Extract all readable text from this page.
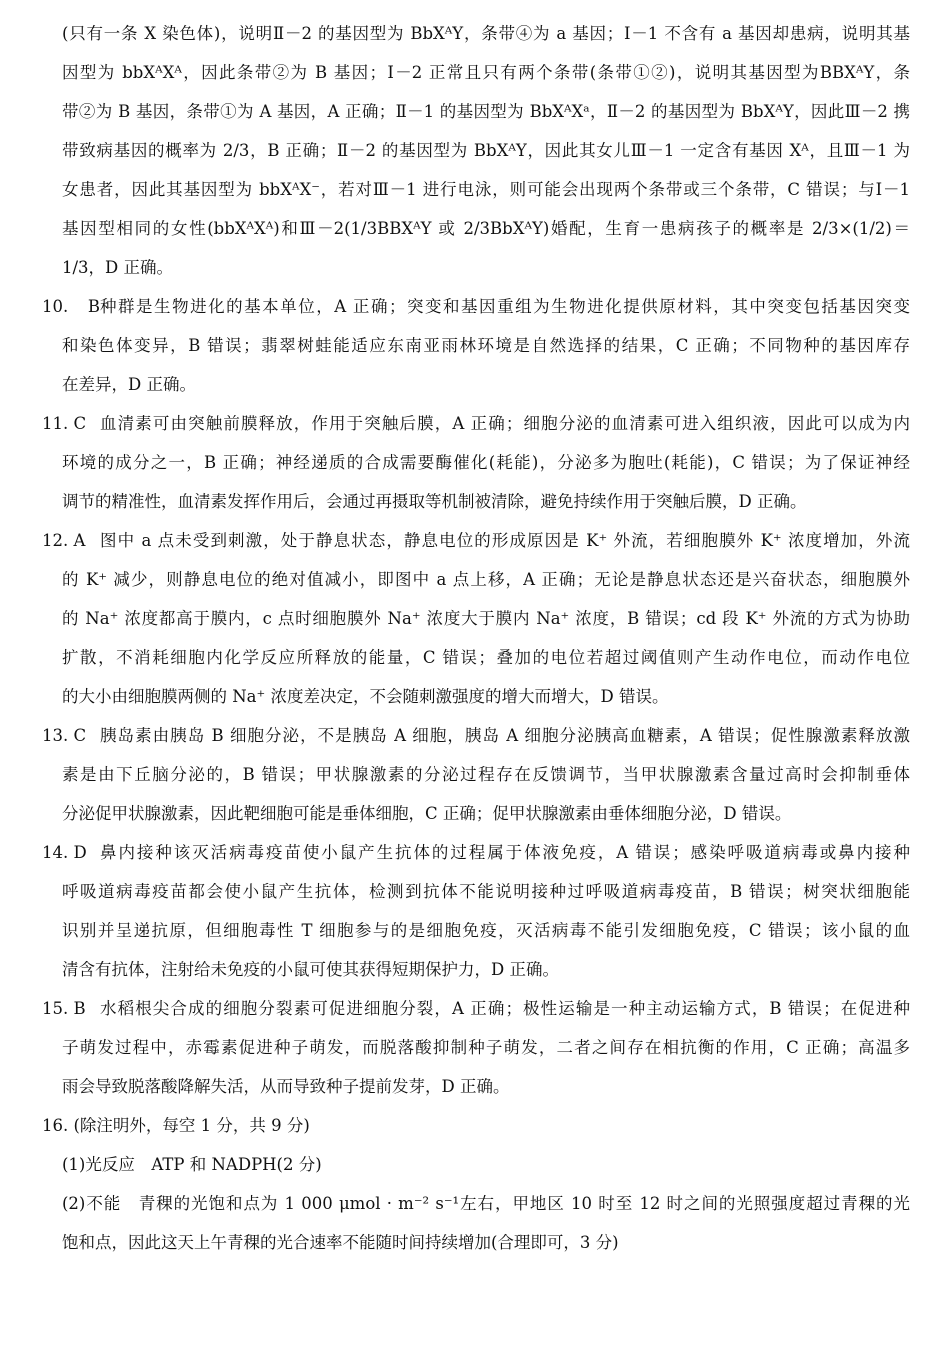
(只有一条 X 染色体)，说明Ⅱ－2 的基因型为 BbXᴬY，条带④为 a 基因；Ⅰ－1 不含有 a 基因却患病，说明其基
因型为 bbXᴬXᴬ，因此条带②为 B 基因；Ⅰ－2 正常且只有两个条带(条带①②)，说明其基因型为BBXᴬY，条
带②为 B 基因，条带①为 A 基因，A 正确；Ⅱ－1 的基因型为 BbXᴬXᵃ，Ⅱ－2 的基因型为 BbXᴬY，因此Ⅲ－2 携
带致病基因的概率为 2/3，B 正确；Ⅱ－2 的基因型为 BbXᴬY，因此其女儿Ⅲ－1 一定含有基因 Xᴬ，且Ⅲ－1 为
女患者，因此其基因型为 bbXᴬX⁻，若对Ⅲ－1 进行电泳，则可能会出现两个条带或三个条带，C 错误；与Ⅰ－1
基因型相同的女性(bbXᴬXᴬ)和Ⅲ－2(1/3BBXᴬY 或 2/3BbXᴬY)婚配，生育一患病孩子的概率是 2/3×(1/2)＝
1/3，D 正确。
10. B种群是生物进化的基本单位，A 正确；突变和基因重组为生物进化提供原材料，其中突变包括基因突变
和染色体变异，B 错误；翡翠树蛙能适应东南亚雨林环境是自然选择的结果，C 正确；不同物种的基因库存
在差异，D 正确。
11. C 血清素可由突触前膜释放，作用于突触后膜，A 正确；细胞分泌的血清素可进入组织液，因此可以成为内
环境的成分之一，B 正确；神经递质的合成需要酶催化(耗能)，分泌多为胞吐(耗能)，C 错误；为了保证神经
调节的精准性，血清素发挥作用后，会通过再摄取等机制被清除，避免持续作用于突触后膜，D 正确。
12. A 图中 a 点未受到刺激，处于静息状态，静息电位的形成原因是 K⁺ 外流，若细胞膜外 K⁺ 浓度增加，外流
的 K⁺ 减少，则静息电位的绝对值减小，即图中 a 点上移，A 正确；无论是静息状态还是兴奋状态，细胞膜外
的 Na⁺ 浓度都高于膜内，c 点时细胞膜外 Na⁺ 浓度大于膜内 Na⁺ 浓度，B 错误；cd 段 K⁺ 外流的方式为协助
扩散，不消耗细胞内化学反应所释放的能量，C 错误；叠加的电位若超过阈值则产生动作电位，而动作电位
的大小由细胞膜两侧的 Na⁺ 浓度差决定，不会随刺激强度的增大而增大，D 错误。
13. C 胰岛素由胰岛 B 细胞分泌，不是胰岛 A 细胞，胰岛 A 细胞分泌胰高血糖素，A 错误；促性腺激素释放激
素是由下丘脑分泌的，B 错误；甲状腺激素的分泌过程存在反馈调节，当甲状腺激素含量过高时会抑制垂体
分泌促甲状腺激素，因此靶细胞可能是垂体细胞，C 正确；促甲状腺激素由垂体细胞分泌，D 错误。
14. D 鼻内接种该灭活病毒疫苗使小鼠产生抗体的过程属于体液免疫，A 错误；感染呼吸道病毒或鼻内接种
呼吸道病毒疫苗都会使小鼠产生抗体，检测到抗体不能说明接种过呼吸道病毒疫苗，B 错误；树突状细胞能
识别并呈递抗原，但细胞毒性 T 细胞参与的是细胞免疫，灭活病毒不能引发细胞免疫，C 错误；该小鼠的血
清含有抗体，注射给未免疫的小鼠可使其获得短期保护力，D 正确。
15. B 水稻根尖合成的细胞分裂素可促进细胞分裂，A 正确；极性运输是一种主动运输方式，B 错误；在促进种
子萌发过程中，赤霉素促进种子萌发，而脱落酸抑制种子萌发，二者之间存在相抗衡的作用，C 正确；高温多
雨会导致脱落酸降解失活，从而导致种子提前发芽，D 正确。
16. (除注明外，每空 1 分，共 9 分)
(1)光反应　ATP 和 NADPH(2 分)
(2)不能　青稞的光饱和点为 1 000 μmol · m⁻² s⁻¹左右，甲地区 10 时至 12 时之间的光照强度超过青稞的光
饱和点，因此这天上午青稞的光合速率不能随时间持续增加(合理即可，3 分)
